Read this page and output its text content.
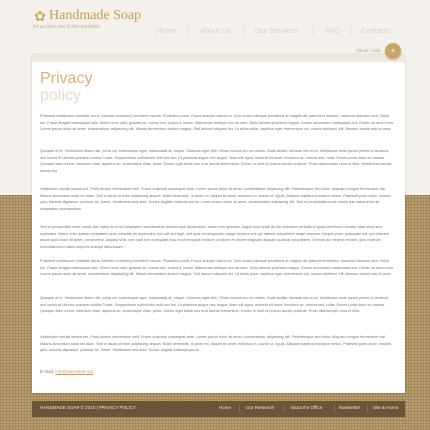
✿ Handmade Soap
let us take you to the paradise	Home	About Us	Our Services	FAQ	Contacts
Show / Hide	+
Privacy
policy

Praesent vestibulum molestie lacus. Aenean nonummy hendrerit mauris. Phasellus porta. Fusce suscipit varius mi. Cum sociis natoque penatibus et magnis dis parturient montes, nascetur ridiculus mus. Nulla dui. Fusce feugiat malesuada odio. Morbi nunc odio, gravida at, cursus nec, luctus a, lorem. Maecenas tristique orci ac sem. Duis ultricies pharetra magna. Donec accumsan malesuada orci. Donec sit amet eros. Lorem ipsum dolor sit amet, consectetuer adipiscing elit. Mauris fermentum dictum magna. Sed laoreet aliquam leo. Ut tellus dolor, dapibus eget, elementum vel, cursus eleifend, elit. Aenean auctor wisi et urna.

Quisque et le. Vestibulum libero nisl, porta vel, scelerisque eget, malesuada at, neque. Vivamus eget nibh. Etiam cursus leo vel metus. Nulla facilisi. Aenean nec eros. Vestibulum ante ipsum primis in faucibus orci luctus et ultrices posuere cubilia Curae; Suspendisse sollicitudin velit sed leo. Ut pharetra augue nec augue. Nam elit agna, endrerit sit amet, tincidunt ac, viverra sed, nulla. Donec porta diam eu massa. Quisque diam lorem, interdum vitae, dapibus ac, scelerisque vitae, pede. Donec eget tellus non erat lacinia fermentum. Donec in velit vel ipsum auctor pulvinar. Proin ullamcorper urna et felis. Vestibulum iaculis lacinia est.

Vestibulum iaculis lacinia est. Proin dictum elementum velit. Fusce euismod consequat ante. Lorem ipsum dolor sit amet, consectetuer adipiscing elit. Pellentesque sed dolor. Aliquam congue fermentum nisl. Mauris accumsan nulla vel diam. Sed in lacus ut enim adipiscing aliquet. Nulla venenatis. In pede mi, aliquet sit amet, euismod in, auctor ut, ligula. Aliquam dapibus tincidunt metus. Praesent justo dolor, lobortis quis, lobortis dignissim, pulvinar ac, lorem. Vestibulum sed ante. Donec sagittis euismod purus. Lorem ipsum dolor sit amet, consectetuer adipiscing elit. Sed ut perspiciatis unde omnis iste natus error sit voluptatem accusantium.

Sed ut perspiciatis unde omnis iste natus error sit voluptatem accusantium doloremque laudantium, totam rem aperiam, eaque ipsa quae ab illo inventore veritatis et quasi architecto beatae vitae dicta sunt explicabo. Nemo enim ipsam voluptatem quia voluptas sit aspernatur aut odit aut fugit, sed quia consequuntur magni dolores eos qui ratione voluptatem sequi nesciunt. Neque porro quisquam est, qui dolorem ipsum quia dolor sit amet, consectetur, adipisci velit, sed quia non numquam eius modi tempora incidunt ut labore et dolore magnam aliquam quaerat voluptatem. Ut enim ad minima veniam, quis nostrum exercitationem ullam corporis suscipit laboriosam.

Praesent vestibulum molestie lacus. Aenean nonummy hendrerit mauris. Phasellus porta. Fusce suscipit varius mi. Cum sociis natoque penatibus et magnis dis parturient montes, nascetur ridiculus mus. Nulla dui. Fusce feugiat malesuada odio. Morbi nunc odio, gravida at, cursus nec, luctus a, lorem. Maecenas tristique orci ac sem. Duis ultricies pharetra magna. Donec accumsan malesuada orci. Donec sit amet eros. Lorem ipsum dolor sit amet, consectetuer adipiscing elit. Mauris fermentum dictum magna. Sed laoreet aliquam leo. Ut tellus dolor, dapibus eget, elementum vel, cursus eleifend, elit. Aenean auctor wisi et urna.

Quisque et le. Vestibulum libero nisl, porta vel, scelerisque eget, malesuada at, neque. Vivamus eget nibh. Etiam cursus leo vel metus. Nulla facilisi. Aenean nec eros. Vestibulum ante ipsum primis in faucibus orci luctus et ultrices posuere cubilia Curae; Suspendisse sollicitudin velit sed leo. Ut pharetra augue nec augue. Nam elit agna, endrerit sit amet, tincidunt ac, viverra sed, nulla. Donec porta diam eu massa. Quisque diam lorem, interdum vitae, dapibus ac, scelerisque vitae, pede. Donec eget tellus non erat lacinia fermentum. Donec in velit vel ipsum auctor pulvinar. Proin ullamcorper urna et felis.

Vestibulum iaculis lacinia est. Proin dictum elementum velit. Fusce euismod consequat ante. Lorem ipsum dolor sit amet, consectetuer adipiscing elit. Pellentesque sed dolor. Aliquam congue fermentum nisl. Mauris accumsan nulla vel diam. Sed in lacus ut enim adipiscing aliquet. Nulla venenatis. In pede mi, aliquet sit amet, euismod in, auctor ut, ligula. Aliquam dapibus tincidunt metus. Praesent justo dolor, lobortis quis, lobortis dignissim, pulvinar ac, lorem. Vestibulum sed ante. Donec sagittis euismod purus.

E-mail: info@demolink.org
HANDMADE SOAP © 2010 | PRIVACY POLICY	Home	Our Research	About the Office	Newsletter	Site & Home
